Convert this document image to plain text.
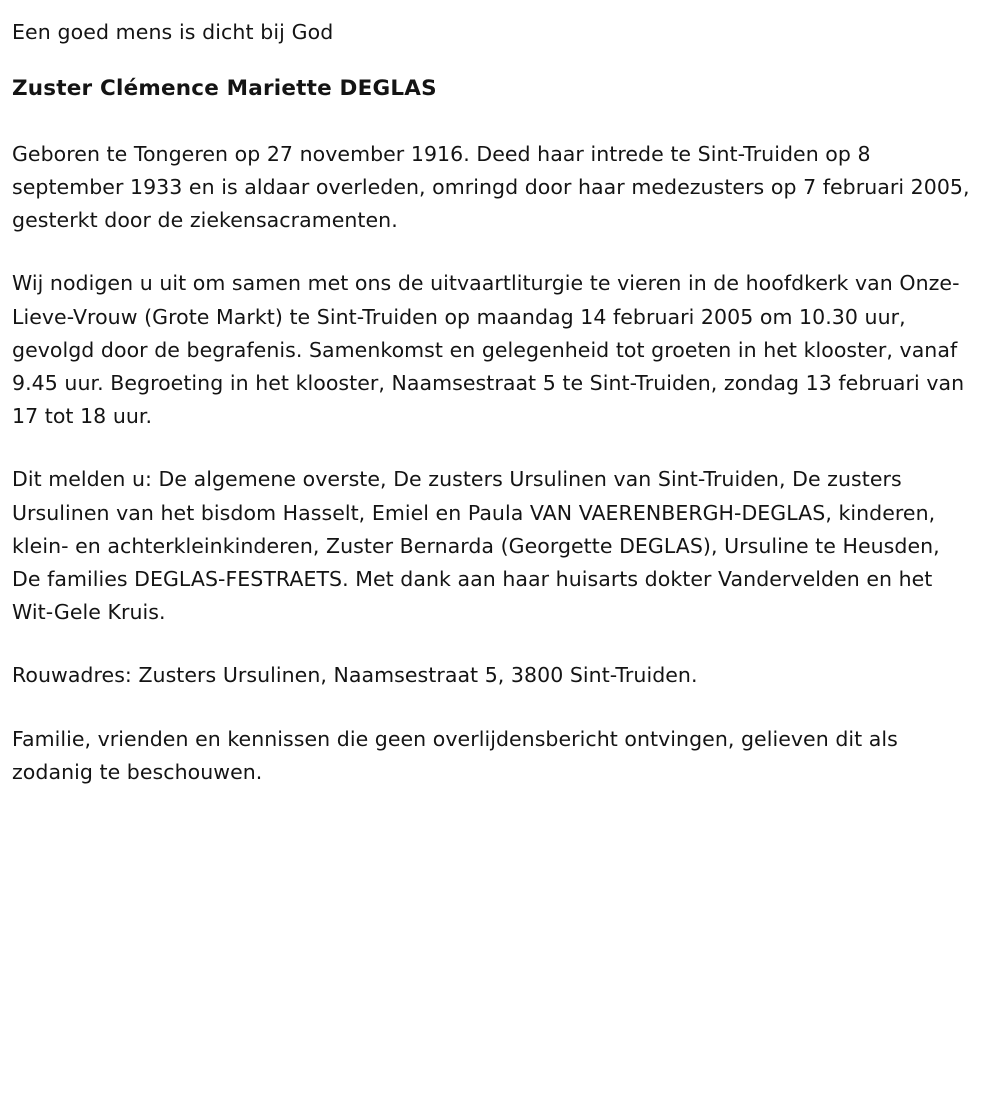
Een goed mens is dicht bij God

Zuster Clémence Mariette DEGLAS

Geboren te Tongeren op 27 november 1916. Deed haar intrede te Sint-Truiden op 8 september 1933 en is aldaar overleden, omringd door haar medezusters op 7 februari 2005, gesterkt door de ziekensacramenten.

Wij nodigen u uit om samen met ons de uitvaartliturgie te vieren in de hoofdkerk van Onze-Lieve-Vrouw (Grote Markt) te Sint-Truiden op maandag 14 februari 2005 om 10.30 uur, gevolgd door de begrafenis. Samenkomst en gelegenheid tot groeten in het klooster, vanaf 9.45 uur. Begroeting in het klooster, Naamsestraat 5 te Sint-Truiden, zondag 13 februari van 17 tot 18 uur.

Dit melden u: De algemene overste, De zusters Ursulinen van Sint-Truiden, De zusters Ursulinen van het bisdom Hasselt, Emiel en Paula VAN VAERENBERGH-DEGLAS, kinderen, klein- en achterkleinkinderen, Zuster Bernarda (Georgette DEGLAS), Ursuline te Heusden, De families DEGLAS-FESTRAETS. Met dank aan haar huisarts dokter Vandervelden en het Wit-Gele Kruis.

Rouwadres: Zusters Ursulinen, Naamsestraat 5, 3800 Sint-Truiden.

Familie, vrienden en kennissen die geen overlijdensbericht ontvingen, gelieven dit als zodanig te beschouwen.
